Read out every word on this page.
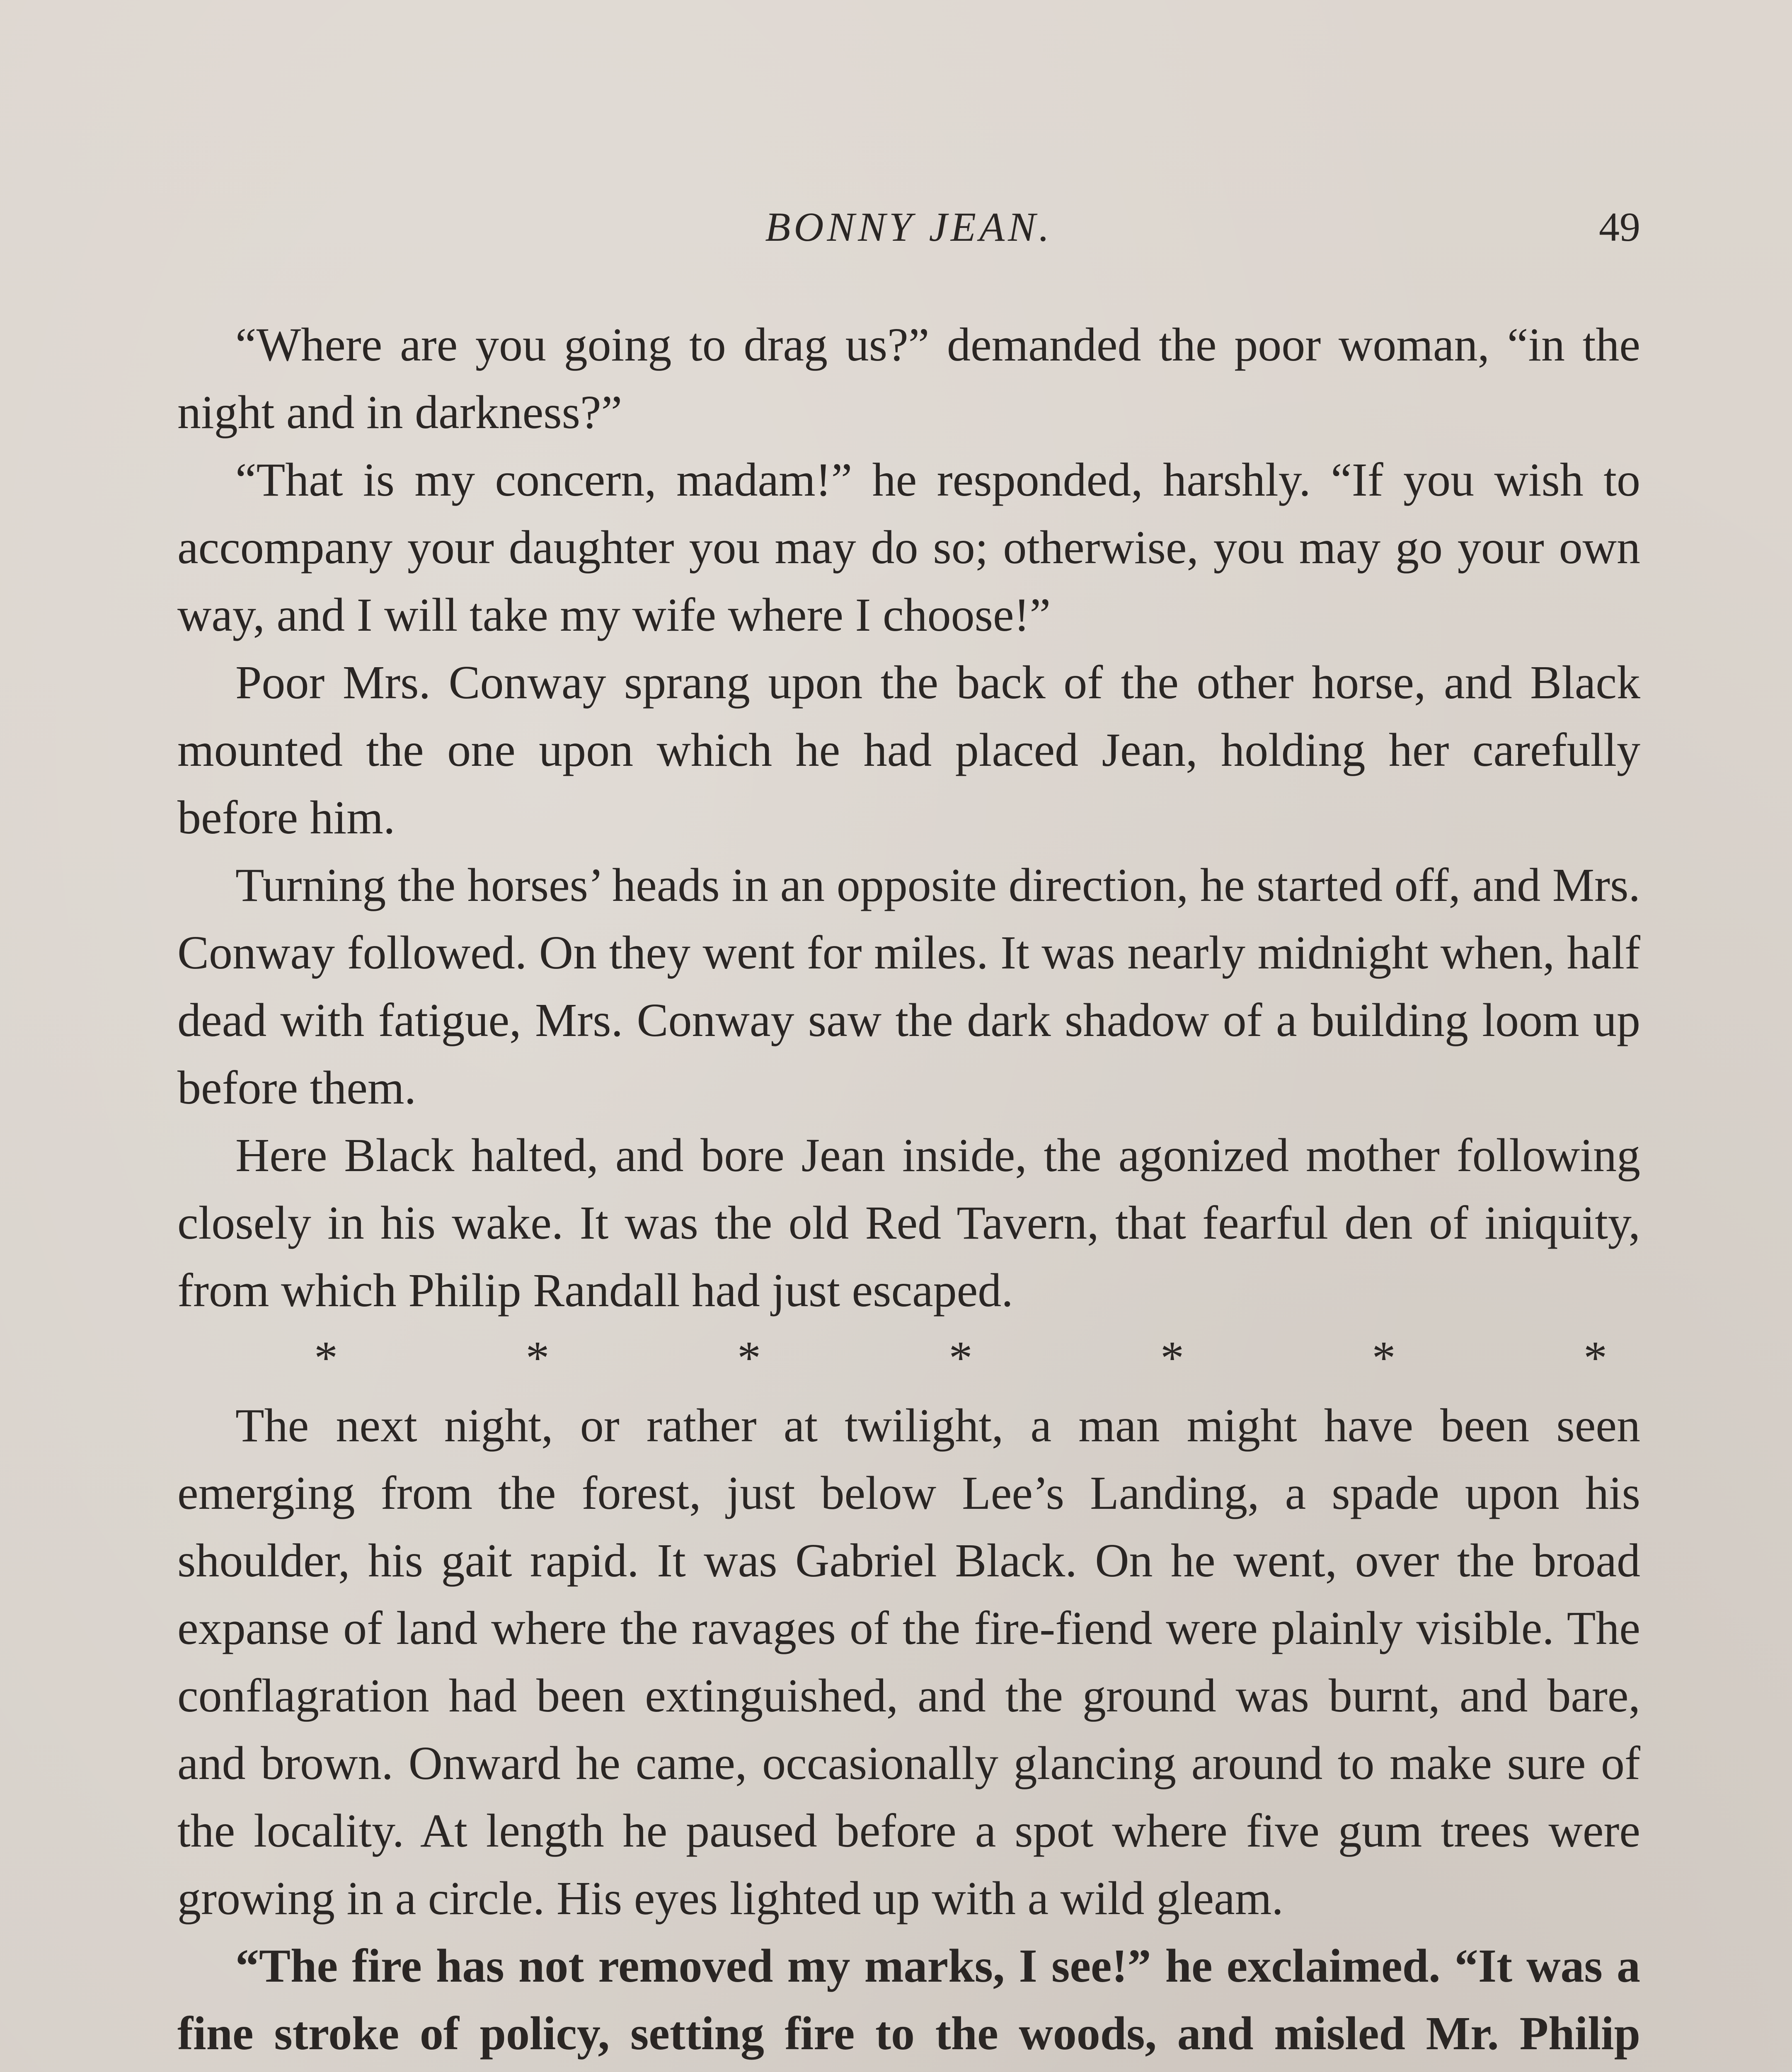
BONNY JEAN.	49

“Where are you going to drag us?” demanded the poor woman, “in the night and in darkness?”

“That is my concern, madam!” he responded, harshly. “If you wish to accompany your daughter you may do so; otherwise, you may go your own way, and I will take my wife where I choose!”

Poor Mrs. Conway sprang upon the back of the other horse, and Black mounted the one upon which he had placed Jean, holding her carefully before him.

Turning the horses’ heads in an opposite direction, he started off, and Mrs. Conway followed. On they went for miles. It was nearly midnight when, half dead with fatigue, Mrs. Conway saw the dark shadow of a building loom up before them.

Here Black halted, and bore Jean inside, the agonized mother following closely in his wake. It was the old Red Tavern, that fearful den of iniquity, from which Philip Randall had just escaped.

*	*	*	*	*	*	*

The next night, or rather at twilight, a man might have been seen emerging from the forest, just below Lee’s Landing, a spade upon his shoulder, his gait rapid. It was Gabriel Black. On he went, over the broad expanse of land where the ravages of the fire-fiend were plainly visible. The conflagration had been extinguished, and the ground was burnt, and bare, and brown. Onward he came, occasionally glancing around to make sure of the locality. At length he paused before a spot where five gum trees were growing in a circle. His eyes lighted up with a wild gleam.

“The fire has not removed my marks, I see!” he exclaimed. “It was a fine stroke of policy, setting fire to the woods, and misled Mr. Philip
